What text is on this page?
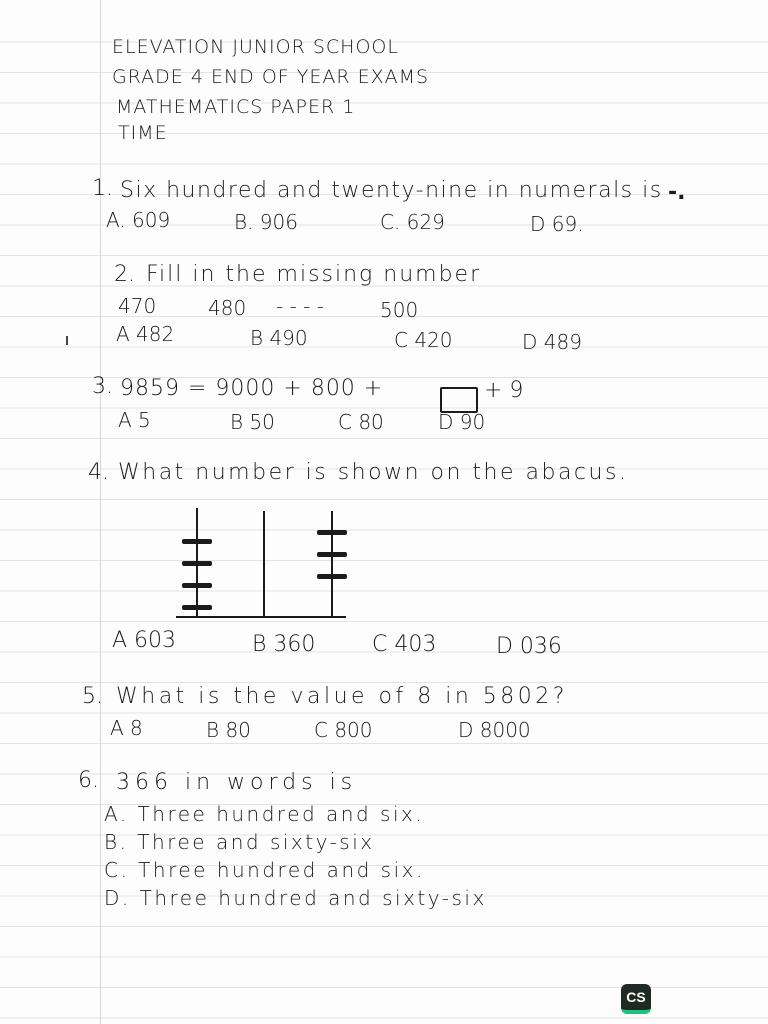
ELEVATION JUNIOR SCHOOL
GRADE 4 END OF YEAR EXAMS
MATHEMATICS PAPER 1
TIME
1. Six hundred and twenty-nine in numerals is -.
A. 609	B. 906	C. 629	D 69.
2. Fill in the missing number
470	480 - - - -	500
A 482	B 490	C 420	D 489
3. 9859 = 9000 + 800 +	+ 9
A 5	B 50	C 80	D 90
4. What number is shown on the abacus.
A 603	B 360	C 403	D 036
5. What is the value of 8 in 5802?
A 8	B 80	C 800	D 8000
6. 366 in words is
A. Three hundred and six.
B. Three and sixty-six
C. Three hundred and six.
D. Three hundred and sixty-six
CS
